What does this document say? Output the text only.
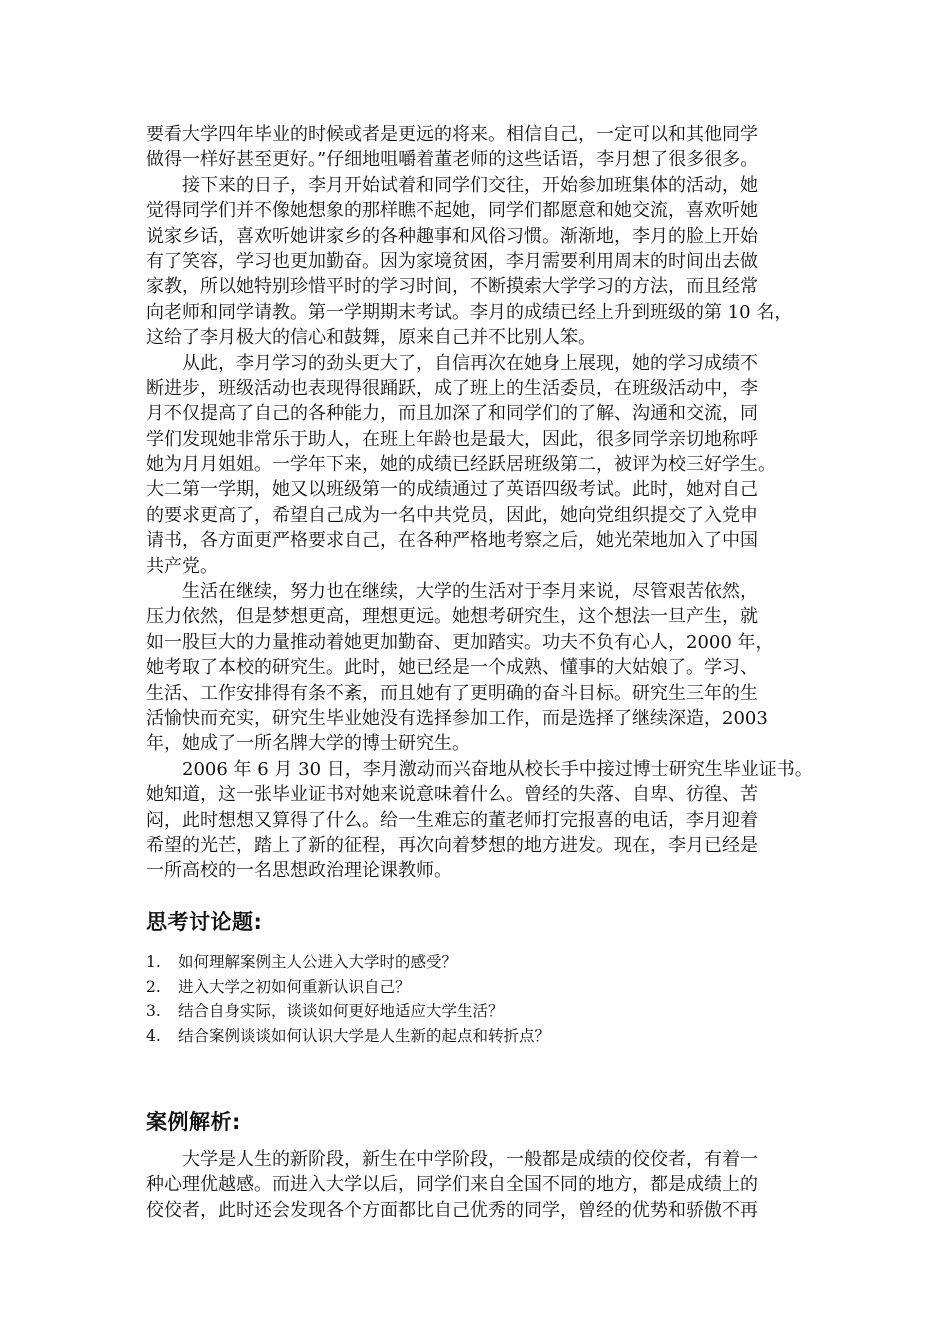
要看大学四年毕业的时候或者是更远的将来。相信自己，一定可以和其他同学
做得一样好甚至更好。”仔细地咀嚼着董老师的这些话语，李月想了很多很多。
接下来的日子，李月开始试着和同学们交往，开始参加班集体的活动，她
觉得同学们并不像她想象的那样瞧不起她，同学们都愿意和她交流，喜欢听她
说家乡话，喜欢听她讲家乡的各种趣事和风俗习惯。渐渐地，李月的脸上开始
有了笑容，学习也更加勤奋。因为家境贫困，李月需要利用周末的时间出去做
家教，所以她特别珍惜平时的学习时间，不断摸索大学学习的方法，而且经常
向老师和同学请教。第一学期期末考试。李月的成绩已经上升到班级的第 10 名，
这给了李月极大的信心和鼓舞，原来自己并不比别人笨。
从此，李月学习的劲头更大了，自信再次在她身上展现，她的学习成绩不
断进步，班级活动也表现得很踊跃，成了班上的生活委员，在班级活动中，李
月不仅提高了自己的各种能力，而且加深了和同学们的了解、沟通和交流，同
学们发现她非常乐于助人，在班上年龄也是最大，因此，很多同学亲切地称呼
她为月月姐姐。一学年下来，她的成绩已经跃居班级第二，被评为校三好学生。
大二第一学期，她又以班级第一的成绩通过了英语四级考试。此时，她对自己
的要求更高了，希望自己成为一名中共党员，因此，她向党组织提交了入党申
请书，各方面更严格要求自己，在各种严格地考察之后，她光荣地加入了中国
共产党。
生活在继续，努力也在继续，大学的生活对于李月来说，尽管艰苦依然，
压力依然，但是梦想更高，理想更远。她想考研究生，这个想法一旦产生，就
如一股巨大的力量推动着她更加勤奋、更加踏实。功夫不负有心人，2000 年，
她考取了本校的研究生。此时，她已经是一个成熟、懂事的大姑娘了。学习、
生活、工作安排得有条不紊，而且她有了更明确的奋斗目标。研究生三年的生
活愉快而充实，研究生毕业她没有选择参加工作，而是选择了继续深造，2003
年，她成了一所名牌大学的博士研究生。
2006 年 6 月 30 日，李月激动而兴奋地从校长手中接过博士研究生毕业证书。
她知道，这一张毕业证书对她来说意味着什么。曾经的失落、自卑、彷徨、苦
闷，此时想想又算得了什么。给一生难忘的董老师打完报喜的电话，李月迎着
希望的光芒，踏上了新的征程，再次向着梦想的地方进发。现在，李月已经是
一所高校的一名思想政治理论课教师。
思考讨论题:
1. 如何理解案例主人公进入大学时的感受？
2. 进入大学之初如何重新认识自己？
3. 结合自身实际，谈谈如何更好地适应大学生活？
4. 结合案例谈谈如何认识大学是人生新的起点和转折点？
案例解析:
大学是人生的新阶段，新生在中学阶段，一般都是成绩的佼佼者，有着一
种心理优越感。而进入大学以后，同学们来自全国不同的地方，都是成绩上的
佼佼者，此时还会发现各个方面都比自己优秀的同学，曾经的优势和骄傲不再
